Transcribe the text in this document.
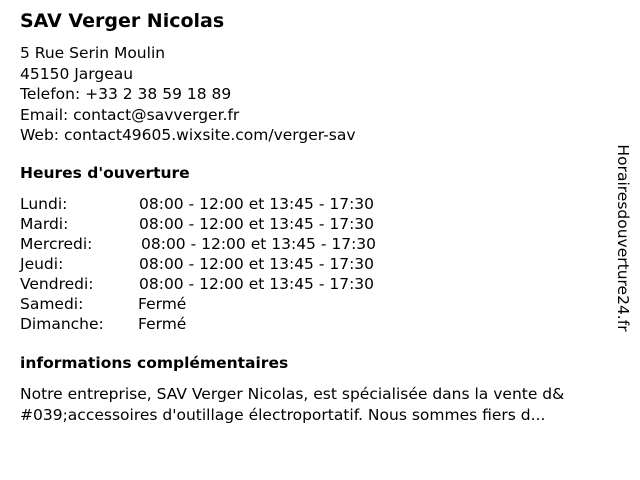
SAV Verger Nicolas
5 Rue Serin Moulin
45150 Jargeau
Telefon: +33 2 38 59 18 89
Email: contact@savverger.fr
Web: contact49605.wixsite.com/verger-sav
Heures d'ouverture
Lundi:	08:00 - 12:00 et 13:45 - 17:30
Mardi:	08:00 - 12:00 et 13:45 - 17:30
Mercredi:	08:00 - 12:00 et 13:45 - 17:30
Jeudi:	08:00 - 12:00 et 13:45 - 17:30
Vendredi:	08:00 - 12:00 et 13:45 - 17:30
Samedi:	Fermé
Dimanche: Fermé
informations complémentaires
Notre entreprise, SAV Verger Nicolas, est spécialisée dans la vente d&
#039;accessoires d'outillage électroportatif. Nous sommes fiers d...
Horairesdouverture24.fr
